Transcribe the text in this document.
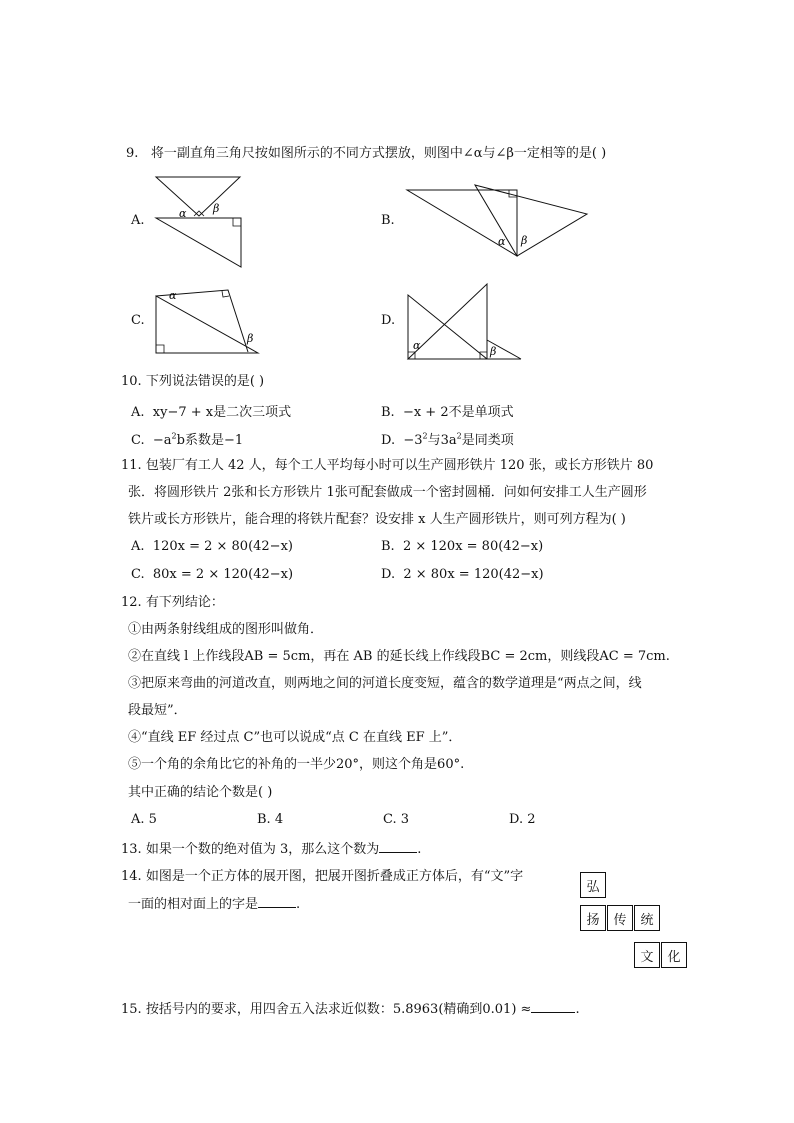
9. 将一副直角三角尺按如图所示的不同方式摆放，则图中∠α与∠β一定相等的是( )
A.	α β
B.
α β
C.
α
β
D.
α	β
10. 下列说法错误的是( )
A. xy−7 + x是二次三项式	B. −x + 2不是单项式
C. $-a^2b$系数是−1	D. $-3^2$与$3a^2$是同类项
11. 包装厂有工人 42 人，每个工人平均每小时可以生产圆形铁片 120 张，或长方形铁片 80
张．将圆形铁片 2张和长方形铁片 1张可配套做成一个密封圆桶．问如何安排工人生产圆形
铁片或长方形铁片，能合理的将铁片配套？设安排 x 人生产圆形铁片，则可列方程为( )
A. 120x = 2 × 80(42−x)	B. 2 × 120x = 80(42−x)
C. 80x = 2 × 120(42−x)	D. 2 × 80x = 120(42−x)
12. 有下列结论：
①由两条射线组成的图形叫做角．
②在直线 l 上作线段AB = 5cm，再在 AB 的延长线上作线段BC = 2cm，则线段AC = 7cm.
③把原来弯曲的河道改直，则两地之间的河道长度变短，蕴含的数学道理是“两点之间，线
段最短”．
④“直线 EF 经过点 C”也可以说成“点 C 在直线 EF 上”．
⑤一个角的余角比它的补角的一半少20°，则这个角是60°.
其中正确的结论个数是( )
A. 5	B. 4	C. 3	D. 2
13. 如果一个数的绝对值为 3，那么这个数为	.
14. 如图是一个正方体的展开图，把展开图折叠成正方体后，有“文”字
一面的相对面上的字是	.
弘
扬	传	统
文	化
15. 按括号内的要求，用四舍五入法求近似数：5.8963(精确到0.01) ≈	.
